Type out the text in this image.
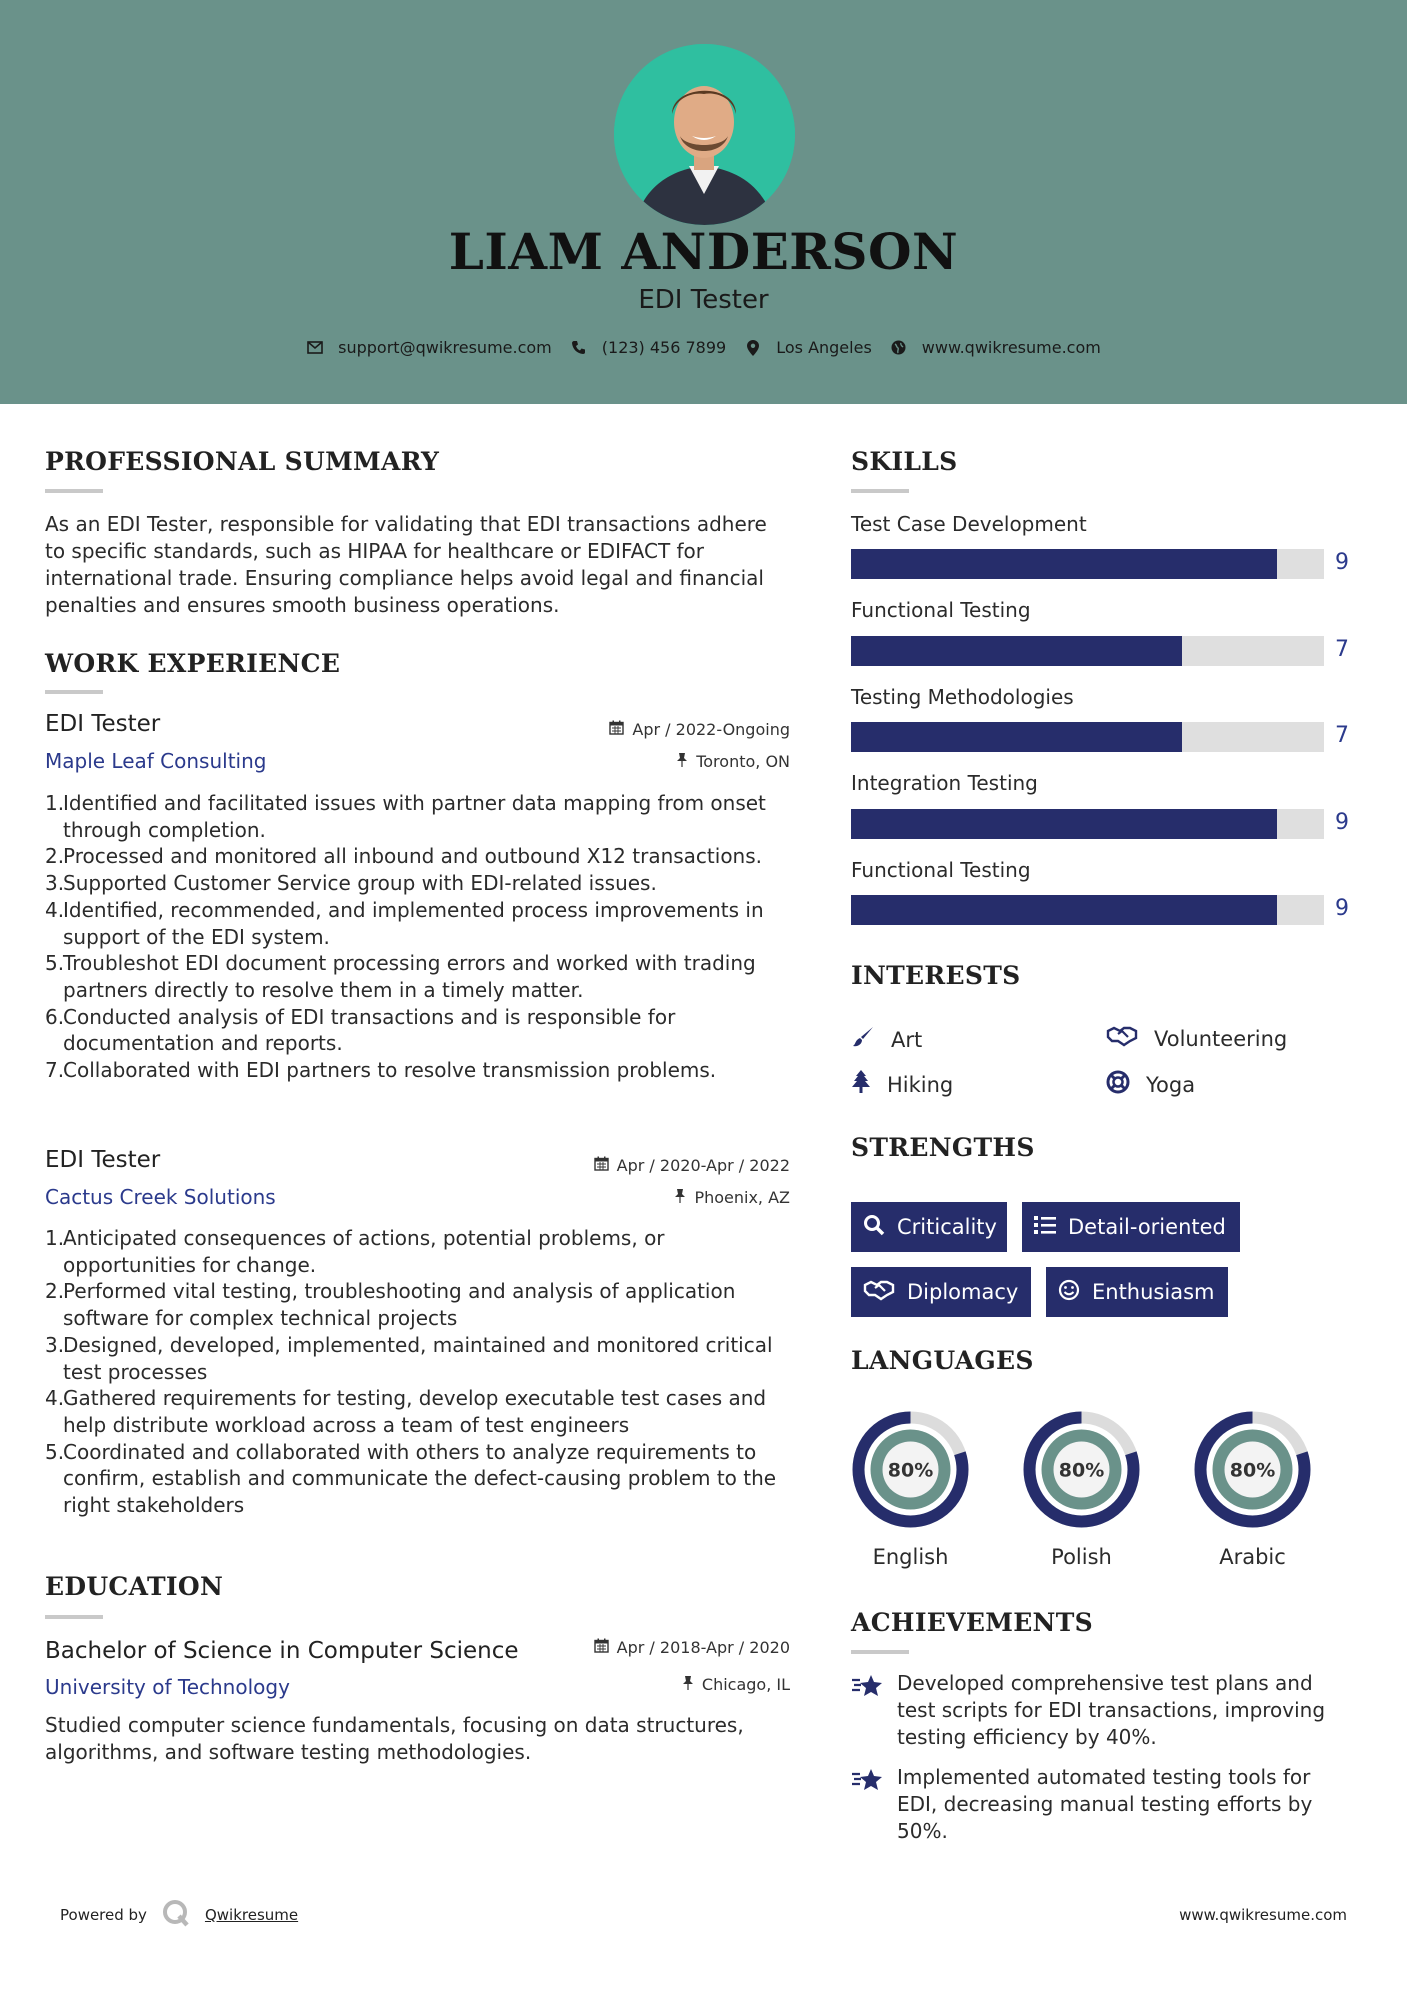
LIAM ANDERSON
EDI Tester
support@qwikresume.com	(123) 456 7899	Los Angeles	www.qwikresume.com
PROFESSIONAL SUMMARY
As an EDI Tester, responsible for validating that EDI transactions adhere to specific standards, such as HIPAA for healthcare or EDIFACT for international trade. Ensuring compliance helps avoid legal and financial penalties and ensures smooth business operations.
WORK EXPERIENCE
EDI Tester	Apr / 2022-Ongoing
Maple Leaf Consulting	Toronto, ON
1.
Identified and facilitated issues with partner data mapping from onset through completion.
2.
Processed and monitored all inbound and outbound X12 transactions.
3.
Supported Customer Service group with EDI-related issues.
4.
Identified, recommended, and implemented process improvements in support of the EDI system.
5.
Troubleshot EDI document processing errors and worked with trading partners directly to resolve them in a timely matter.
6.
Conducted analysis of EDI transactions and is responsible for documentation and reports.
7.
Collaborated with EDI partners to resolve transmission problems.
EDI Tester	Apr / 2020-Apr / 2022
Cactus Creek Solutions	Phoenix, AZ
1.
Anticipated consequences of actions, potential problems, or opportunities for change.
2.
Performed vital testing, troubleshooting and analysis of application software for complex technical projects
3.
Designed, developed, implemented, maintained and monitored critical test processes
4.
Gathered requirements for testing, develop executable test cases and help distribute workload across a team of test engineers
5.
Coordinated and collaborated with others to analyze requirements to confirm, establish and communicate the defect-causing problem to the right stakeholders
EDUCATION
Bachelor of Science in Computer Science	Apr / 2018-Apr / 2020
University of Technology	Chicago, IL
Studied computer science fundamentals, focusing on data structures, algorithms, and software testing methodologies.
SKILLS
Test Case Development
9
Functional Testing
7
Testing Methodologies
7
Integration Testing
9
Functional Testing
9
INTERESTS
Art	Volunteering
Hiking	Yoga
STRENGTHS
Criticality	Detail-oriented
Diplomacy	Enthusiasm
LANGUAGES
80%
English
80%
Polish
80%
Arabic
ACHIEVEMENTS
Developed comprehensive test plans and test scripts for EDI transactions, improving testing efficiency by 40%.
Implemented automated testing tools for EDI, decreasing manual testing efforts by 50%.
Powered by	Qwikresume	www.qwikresume.com
